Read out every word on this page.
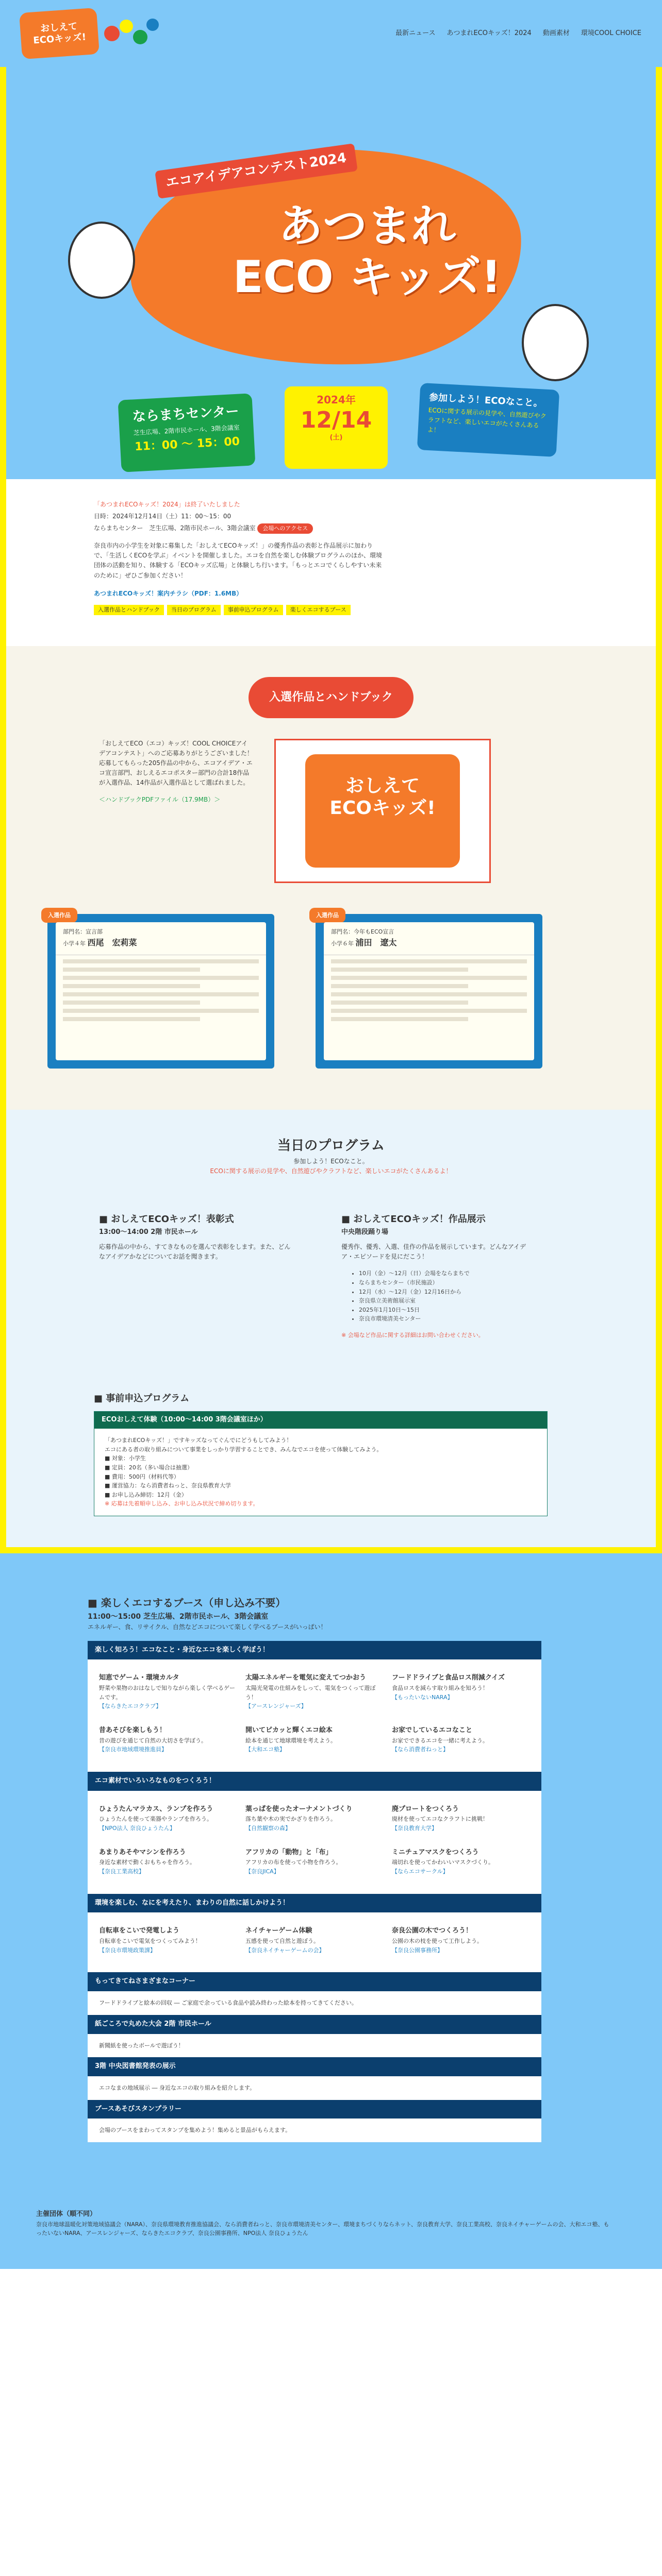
おしえて
ECOキッズ!	最新ニュース あつまれECOキッズ！2024 動画素材 環境COOL CHOICE
エコアイデアコンテスト2024
あつまれ
ECO キッズ!
ならまちセンター
芝生広場、2階市民ホール、3階会議室
11：00 ～ 15：00
2024年
12/14
(土)
参加しよう！ECOなこと。
ECOに関する展示の見学や、自然遊びやクラフトなど、楽しいエコがたくさんあるよ！
「あつまれECOキッズ！2024」は終了いたしました

日時：2024年12月14日（土）11：00～15：00

ならまちセンター　芝生広場、2階市民ホール、3階会議室 会場へのアクセス

奈良市内の小学生を対象に募集した「おしえてECOキッズ！」の優秀作品の表彰と作品展示に加わりで、「生活しくECOを学ぶ」イベントを開催しました。エコを自然を楽しむ体験プログラムのほか、環境団体の活動を知り、体験する「ECOキッズ広場」と体験しち行います。「もっとエコでくらしやすい未来のために」ぜひご参加ください！

あつまれECOキッズ！案内チラシ（PDF：1.6MB）
入選作品とハンドブック	当日のプログラム	事前申込プログラム	楽しくエコするブース
入選作品とハンドブック
「おしえてECO（エコ）キッズ！COOL CHOICEアイデアコンテスト」へのご応募ありがとうございました！応募してもらった205作品の中から、エコアイデア・エコ宣言部門、おしえるエコポスター部門の合計18作品が入選作品、14作品が入選作品として選ばれました。
＜ハンドブックPDFファイル（17.9MB）＞
おしえて
ECOキッズ!
入選作品
部門名：宣言部
小学４年 西尾　宏莉菜
入選作品
部門名：今年もECO宣言
小学６年 浦田　遼太
当日のプログラム
参加しよう！ECOなこと。
ECOに関する展示の見学や、自然遊びやクラフトなど、楽しいエコがたくさんあるよ！
■ おしえてECOキッズ！表彰式
13:00～14:00 2階 市民ホール

応募作品の中から、すてきなものを選んで表彰をします。また、どんなアイデアかなどについてお話を聞きます。

■ おしえてECOキッズ！作品展示
中央階段踊り場

優秀作、優秀、入選、佳作の作品を展示しています。どんなアイデア・エピソードを見にだこう！

• 10月（金）～12月（日）会場をならまちで
• ならまちセンター（市民施設）
• 12月（水）～12月（金）12月16日から
• 奈良県立美術館展示室
• 2025年1月10日～15日
• 奈良市環境清美センター
※ 会場など作品に関する詳細はお問い合わせください。
■ 事前申込プログラム
ECOおしえて体験（10:00～14:00 3階会議室ほか）
「あつまれECOキッズ！」ですキッズなってぐんでにどうもしてみよう！
エコにある者の取り組みについて事業をしっかり学習することでき、みんなでエコを使って体験してみよう。
■ 対象：小学生
■ 定員：20名（多い場合は抽選）
■ 費用：500円（材料代等）
■ 運営協力：なら消費者ねっと、奈良県教育大学
■ お申し込み締切：12月（金）
※ 応募は先着順申し込み、お申し込み状況で締め切ります。
■ 楽しくエコするブース（申し込み不要）
11:00～15:00 芝生広場、2階市民ホール、3階会議室
エネルギー、食、リサイクル、自然などエコについて楽しく学べるブースがいっぱい！
楽しく知ろう！エコなこと・身近なエコを楽しく学ぼう！
知恵でゲーム・環境カルタ

野菜や果物のおはなしで知りながら楽しく学べるゲームです。

【ならきたエコクラブ】

太陽エネルギーを電気に変えてつかおう

太陽光発電の仕組みをしって、電気をつくって遊ぼう！

【アースレンジャーズ】

フードドライブと食品ロス削減クイズ

食品ロスを減らす取り組みを知ろう！

【もったいないNARA】

昔あそびを楽しもう！

昔の遊びを通じて自然の大切さを学ぼう。

【奈良市地域環境推進員】

開いてピカッと輝くエコ絵本

絵本を通じて地球環境を考えよう。

【大和エコ塾】

お家でしているエコなこと

お家でできるエコを一緒に考えよう。

【なら消費者ねっと】

エコ素材でいろいろなものをつくろう！
ひょうたんマラカス、ランプを作ろう

ひょうたんを使って楽器やランプを作ろう。

【NPO法人 奈良ひょうたん】

葉っぱを使ったオーナメントづくり

落ち葉や木の実でかざりを作ろう。

【自然観察の森】

廃プロートをつくろう

廃材を使ってエコなクラフトに挑戦！

【奈良教育大学】

あまりあそやマシンを作ろう

身近な素材で動くおもちゃを作ろう。

【奈良工業高校】

アフリカの「動物」と「布」

アフリカの布を使って小物を作ろう。

【奈良JICA】

ミニチュアマスクをつくろう

端切れを使ってかわいいマスクづくり。

【ならエコサークル】

環境を楽しむ、なにを考えたり、まわりの自然に話しかけよう！
自転車をこいで発電しよう

自転車をこいで電気をつくってみよう！

【奈良市環境政策課】

ネイチャーゲーム体験

五感を使って自然と遊ぼう。

【奈良ネイチャーゲームの会】

奈良公園の木でつくろう！

公園の木の枝を使って工作しよう。

【奈良公園事務所】

もってきてねさまざまなコーナー

フードドライブと絵本の回収 ― ご家庭で余っている食品や読み終わった絵本を持ってきてください。

紙ごころで丸めた大会 2階 市民ホール

新聞紙を使ったボールで遊ぼう！

3階 中央図書館発表の展示

エコなまの地域展示 ― 身近なエコの取り組みを紹介します。

ブースあそびスタンプラリー

会場のブースをまわってスタンプを集めよう！集めると景品がもらえます。

主催団体（順不同）

奈良市地球温暖化対策地域協議会（NARA）、奈良県環境教育推進協議会、なら消費者ねっと、奈良市環境清美センター、環境まちづくりならネット、奈良教育大学、奈良工業高校、奈良ネイチャーゲームの会、大和エコ塾、もったいないNARA、アースレンジャーズ、ならきたエコクラブ、奈良公園事務所、NPO法人 奈良ひょうたん
